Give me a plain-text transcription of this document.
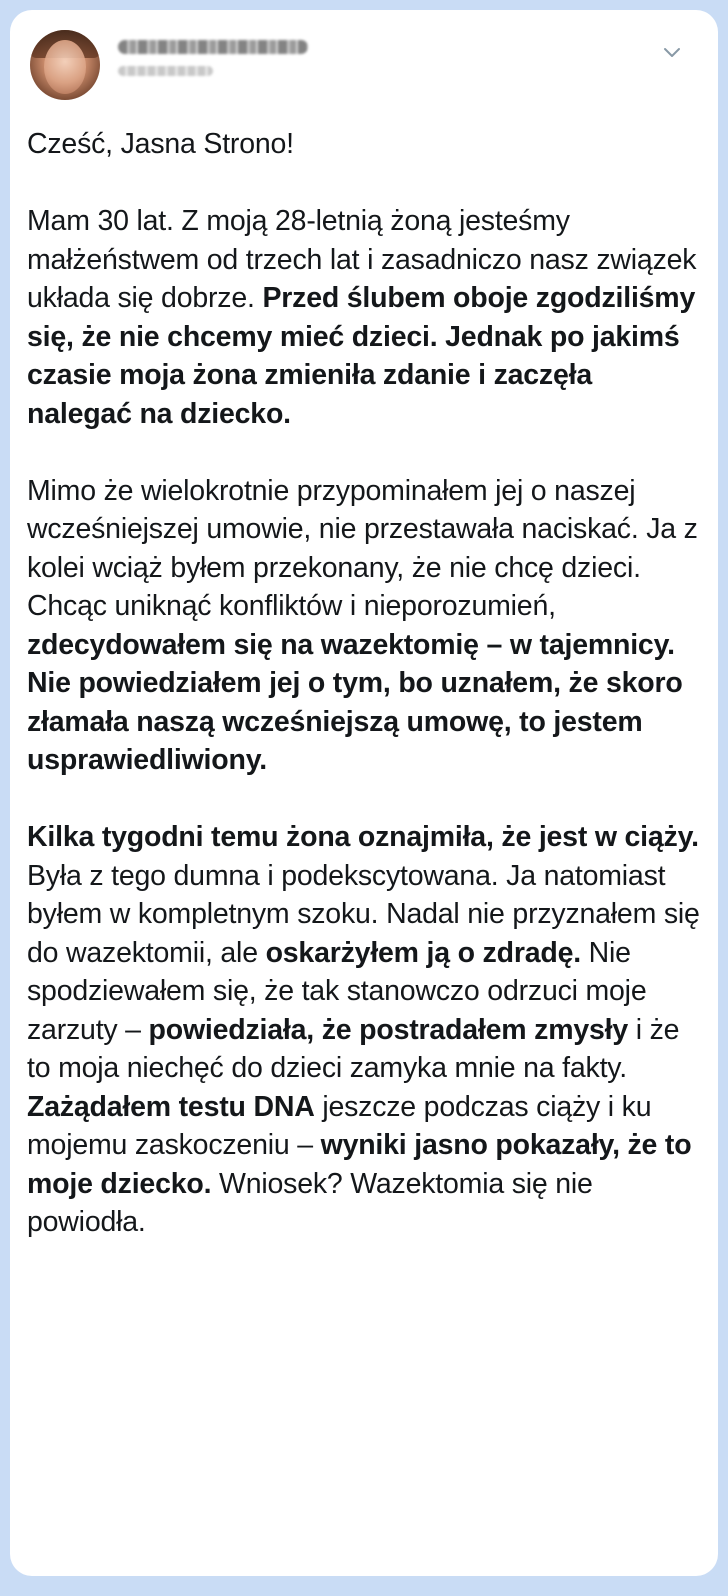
Cześć, Jasna Strono!

Mam 30 lat. Z moją 28-letnią żoną jesteśmy małżeństwem od trzech lat i zasadniczo nasz związek układa się dobrze. Przed ślubem oboje zgodziliśmy się, że nie chcemy mieć dzieci. Jednak po jakimś czasie moja żona zmieniła zdanie i zaczęła nalegać na dziecko.

Mimo że wielokrotnie przypominałem jej o naszej wcześniejszej umowie, nie przestawała naciskać. Ja z kolei wciąż byłem przekonany, że nie chcę dzieci. Chcąc uniknąć konfliktów i nieporozumień, zdecydowałem się na wazektomię – w tajemnicy. Nie powiedziałem jej o tym, bo uznałem, że skoro złamała naszą wcześniejszą umowę, to jestem usprawiedliwiony.

Kilka tygodni temu żona oznajmiła, że jest w ciąży. Była z tego dumna i podekscytowana. Ja natomiast byłem w kompletnym szoku. Nadal nie przyznałem się do wazektomii, ale oskarżyłem ją o zdradę. Nie spodziewałem się, że tak stanowczo odrzuci moje zarzuty – powiedziała, że postradałem zmysły i że to moja niechęć do dzieci zamyka mnie na fakty. Zażądałem testu DNA jeszcze podczas ciąży i ku mojemu zaskoczeniu – wyniki jasno pokazały, że to moje dziecko. Wniosek? Wazektomia się nie powiodła.
